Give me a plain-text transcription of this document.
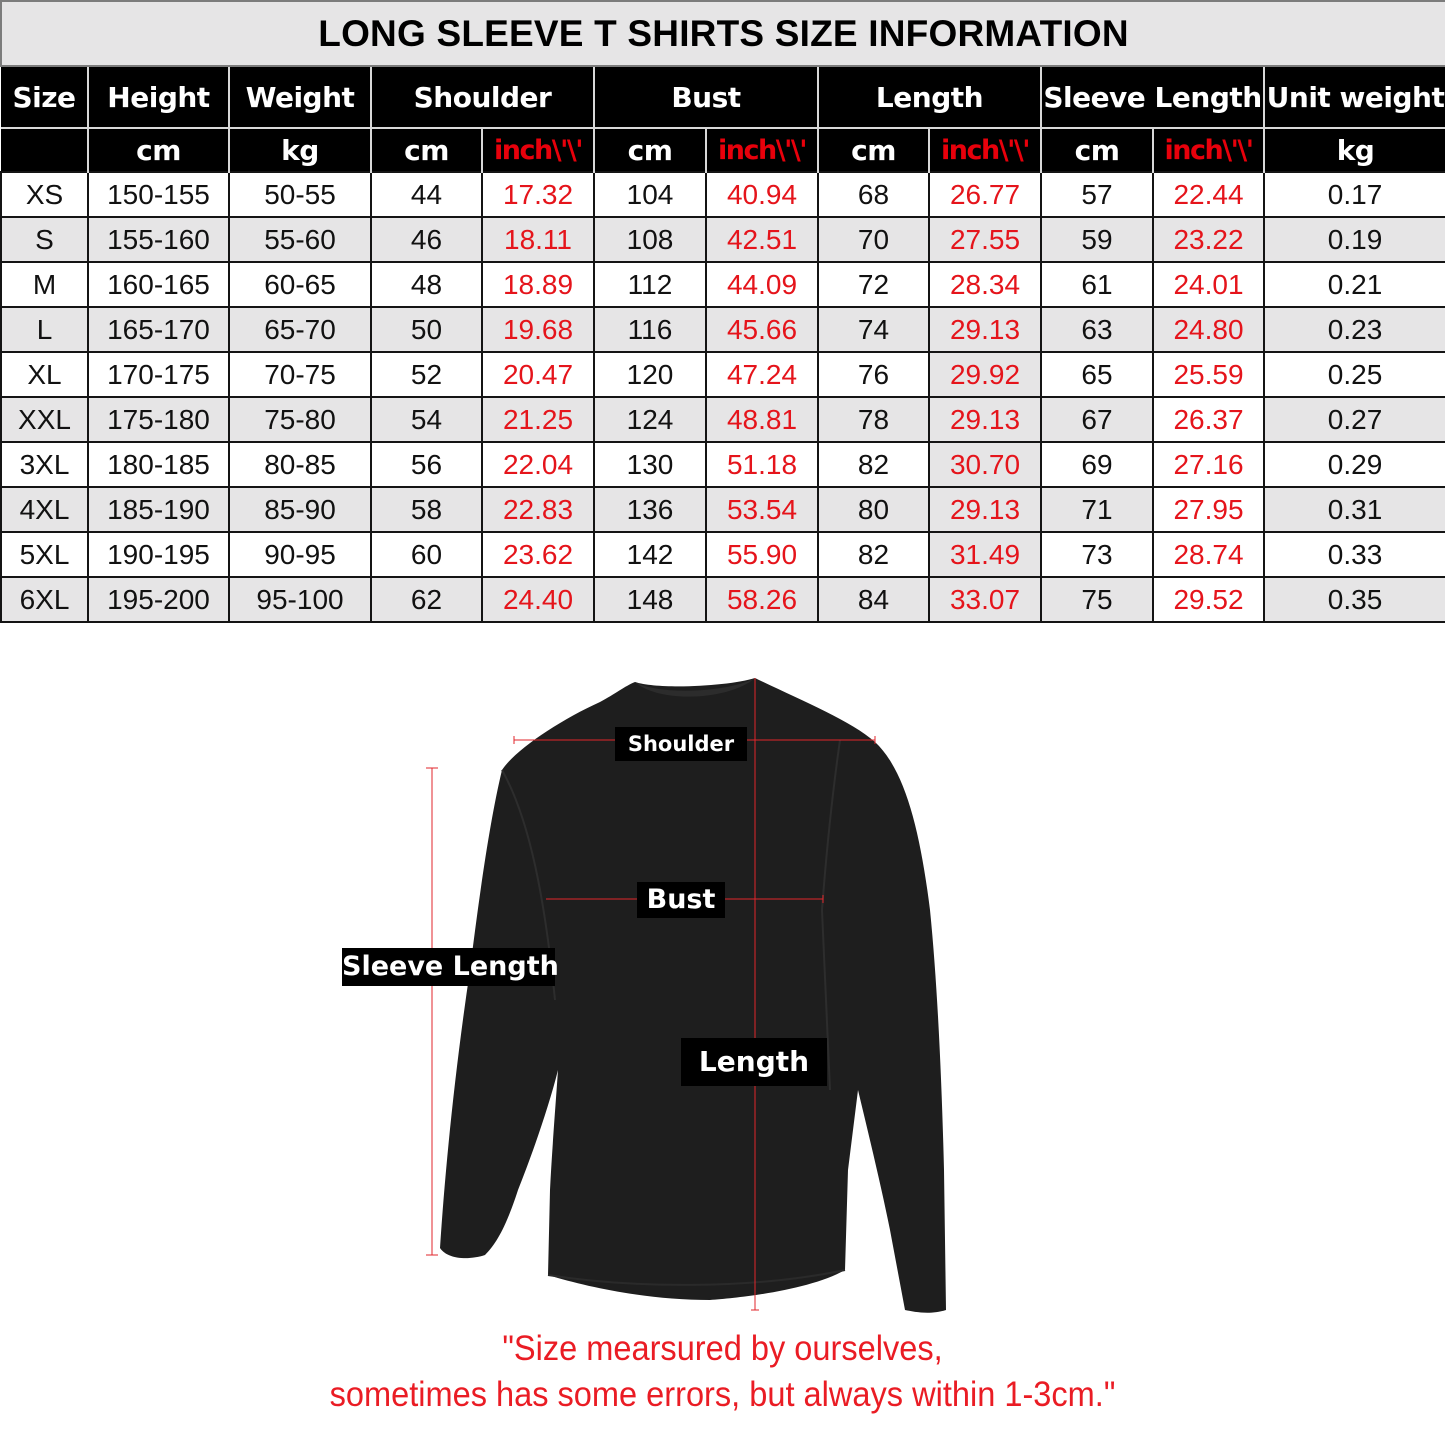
LONG SLEEVE T SHIRTS SIZE INFORMATION											
Size	Height	Weight	Shoulder		Bust		Length		Sleeve Length		Unit weight
	cm	kg	cm	inch\'\'	cm	inch\'\'	cm	inch\'\'	cm	inch\'\'	kg
XS	150-155	50-55	44	17.32	104	40.94	68	26.77	57	22.44	0.17
S	155-160	55-60	46	18.11	108	42.51	70	27.55	59	23.22	0.19
M	160-165	60-65	48	18.89	112	44.09	72	28.34	61	24.01	0.21
L	165-170	65-70	50	19.68	116	45.66	74	29.13	63	24.80	0.23
XL	170-175	70-75	52	20.47	120	47.24	76	29.92	65	25.59	0.25
XXL	175-180	75-80	54	21.25	124	48.81	78	29.13	67	26.37	0.27
3XL	180-185	80-85	56	22.04	130	51.18	82	30.70	69	27.16	0.29
4XL	185-190	85-90	58	22.83	136	53.54	80	29.13	71	27.95	0.31
5XL	190-195	90-95	60	23.62	142	55.90	82	31.49	73	28.74	0.33
6XL	195-200	95-100	62	24.40	148	58.26	84	33.07	75	29.52	0.35
Shoulder
Bust
Sleeve Length
Length
"Size mearsured by ourselves,
sometimes has some errors, but always within 1-3cm."
